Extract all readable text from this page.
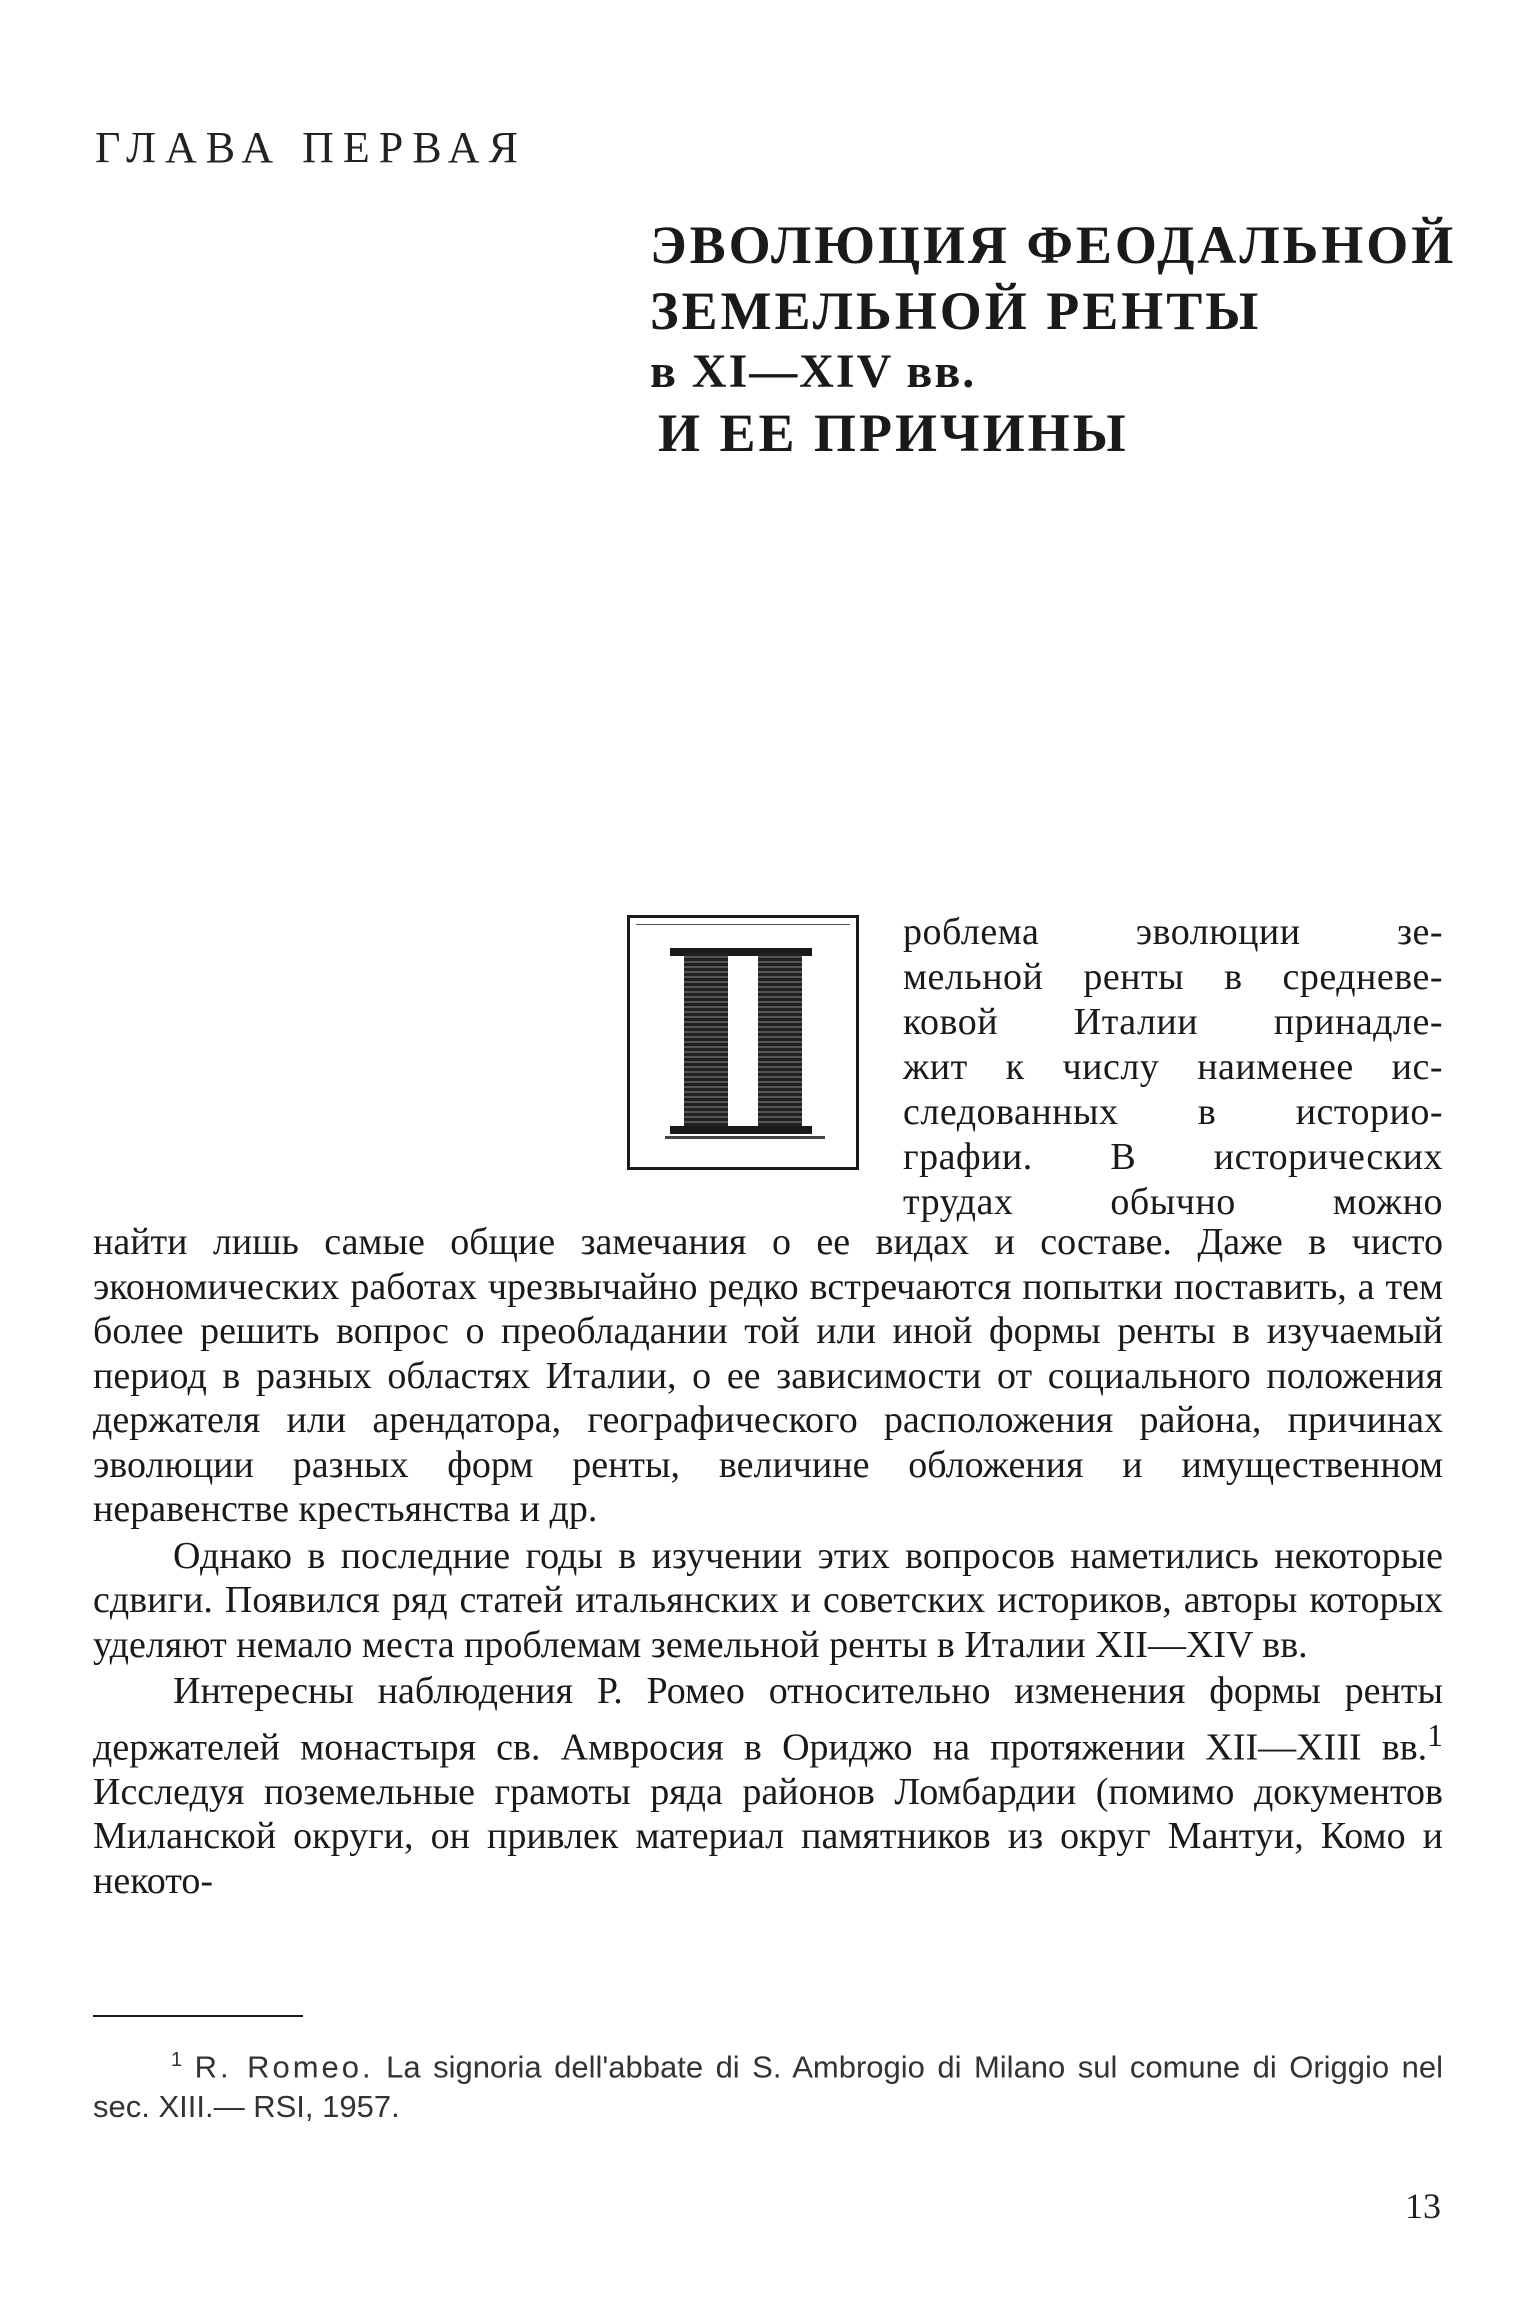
ГЛАВА ПЕРВАЯ
ЭВОЛЮЦИЯ ФЕОДАЛЬНОЙ
ЗЕМЕЛЬНОЙ РЕНТЫ
в XI—XIV вв.
И ЕЕ ПРИЧИНЫ
роблема эволюции зе-
мельной ренты в средневе-
ковой Италии принадле-
жит к числу наименее ис-
следованных в историо-
графии. В исторических
трудах обычно можно

найти лишь самые общие замечания о ее видах и составе. Даже в чисто экономических работах чрезвычайно редко встречаются попытки поставить, а тем более решить вопрос о преобладании той или иной формы ренты в изучаемый период в разных областях Италии, о ее зависимости от социального положения держателя или арендатора, географического расположения района, причинах эволюции разных форм ренты, величине обложения и имущественном неравенстве крестьянства и др.

Однако в последние годы в изучении этих вопросов наметились некоторые сдвиги. Появился ряд статей итальянских и советских историков, авторы которых уделяют немало места проблемам земельной ренты в Италии XII—XIV вв.

Интересны наблюдения Р. Ромео относительно изменения формы ренты держателей монастыря св. Амвросия в Ориджо на протяжении XII—XIII вв.$^1$ Исследуя поземельные грамоты ряда районов Ломбардии (помимо документов Миланской округи, он привлек материал памятников из округ Мантуи, Комо и некото-

$^1$ R. Romeo. La signoria dell'abbate di S. Ambrogio di Milano sul comune di Origgio nel sec. XIII.— RSI, 1957.
13
